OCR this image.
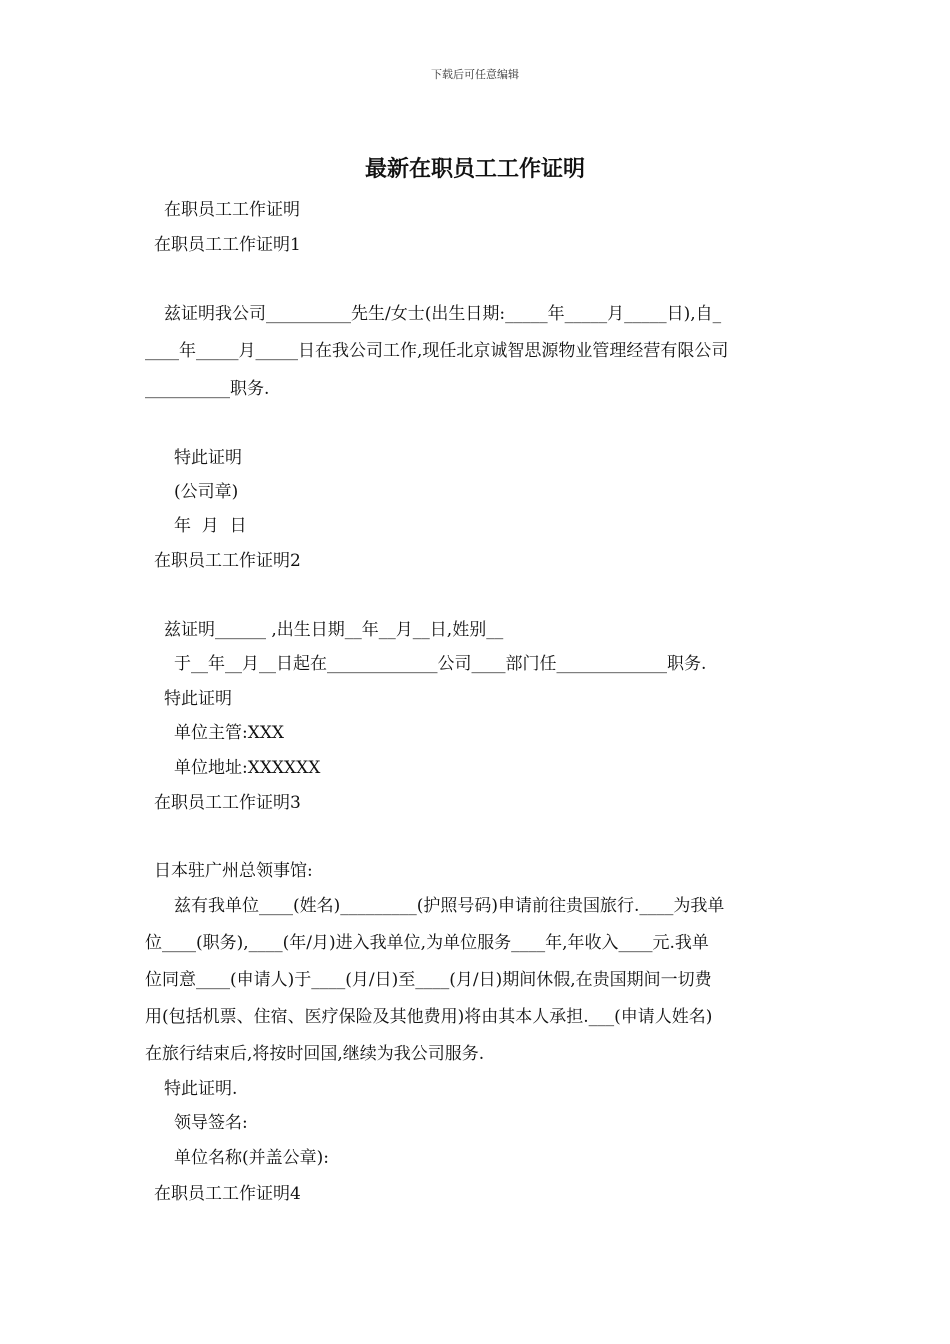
下载后可任意编辑
最新在职员工工作证明

在职员工工作证明

在职员工工作证明1

兹证明我公司__________先生/女士(出生日期:_____年_____月_____日),自_

____年_____月_____日在我公司工作,现任北京诚智思源物业管理经营有限公司

__________职务.

特此证明

(公司章)

年  月  日

在职员工工作证明2

兹证明______ ,出生日期__年__月__日,姓别__

于__年__月__日起在_____________公司____部门任_____________职务.

特此证明

单位主管:XXX

单位地址:XXXXXX

在职员工工作证明3

日本驻广州总领事馆:

兹有我单位____(姓名)_________(护照号码)申请前往贵国旅行.____为我单

位____(职务),____(年/月)进入我单位,为单位服务____年,年收入____元.我单

位同意____(申请人)于____(月/日)至____(月/日)期间休假,在贵国期间一切费

用(包括机票、住宿、医疗保险及其他费用)将由其本人承担.___(申请人姓名)

在旅行结束后,将按时回国,继续为我公司服务.

特此证明.

领导签名:

单位名称(并盖公章):

在职员工工作证明4
